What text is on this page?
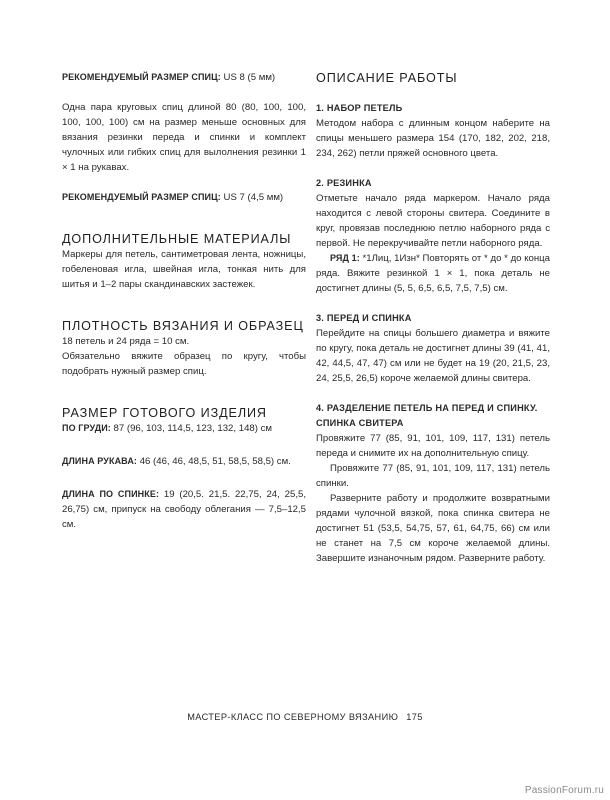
РЕКОМЕНДУЕМЫЙ РАЗМЕР СПИЦ: US 8 (5 мм)

Одна пара круговых спиц длиной 80 (80, 100, 100, 100, 100, 100) см на размер меньше основных для вязания резинки переда и спинки и комплект чулочных или гибких спиц для вылолнения резинки 1 × 1 на рукавах.

РЕКОМЕНДУЕМЫЙ РАЗМЕР СПИЦ: US 7 (4,5 мм)

ДОПОЛНИТЕЛЬНЫЕ МАТЕРИАЛЫ

Маркеры для петель, сантиметровая лента, ножницы, гобеленовая игла, швейная игла, тонкая нить для шитья и 1–2 пары скандинавских застежек.

ПЛОТНОСТЬ ВЯЗАНИЯ И ОБРАЗЕЦ

18 петель и 24 ряда = 10 см.

Обязательно вяжите образец по кругу, чтобы подобрать нужный размер спиц.

РАЗМЕР ГОТОВОГО ИЗДЕЛИЯ

ПО ГРУДИ: 87 (96, 103, 114,5, 123, 132, 148) см

ДЛИНА РУКАВА: 46 (46, 46, 48,5, 51, 58,5, 58,5) см.

ДЛИНА ПО СПИНКЕ: 19 (20,5. 21,5. 22,75, 24, 25,5, 26,75) см, припуск на свободу облегания — 7,5–12,5 см.

ОПИСАНИЕ РАБОТЫ

1. НАБОР ПЕТЕЛЬ

Методом набора с длинным концом наберите на спицы меньшего размера 154 (170, 182, 202, 218, 234, 262) петли пряжей основного цвета.

2. РЕЗИНКА

Отметьте начало ряда маркером. Начало ряда находится с левой стороны свитера. Соедините в круг, провязав последнюю петлю наборного ряда с первой. Не перекручивайте петли наборного ряда.

РЯД 1: *1Лиц, 1Изн* Повторять от * до * до конца ряда. Вяжите резинкой 1 × 1, пока деталь не достигнет длины (5, 5, 6,5, 6,5, 7,5, 7,5) см.

3. ПЕРЕД И СПИНКА

Перейдите на спицы большего диаметра и вяжите по кругу, пока деталь не достигнет длины 39 (41, 41, 42, 44,5, 47, 47) см или не будет на 19 (20, 21,5, 23, 24, 25,5, 26,5) короче желаемой длины свитера.

4. РАЗДЕЛЕНИЕ ПЕТЕЛЬ НА ПЕРЕД И СПИНКУ.

СПИНКА СВИТЕРА

Провяжите 77 (85, 91, 101, 109, 117, 131) петель переда и снимите их на дополнительную спицу.

Провяжите 77 (85, 91, 101, 109, 117, 131) петель спинки.

Разверните работу и продолжите возвратными рядами чулочной вязкой, пока спинка свитера не достигнет 51 (53,5, 54,75, 57, 61, 64,75, 66) см или не станет на 7,5 см короче желаемой длины. Завершите изнаночным рядом. Разверните работу.

МАСТЕР-КЛАСС ПО СЕВЕРНОМУ ВЯЗАНИЮ 175
PassionForum.ru
